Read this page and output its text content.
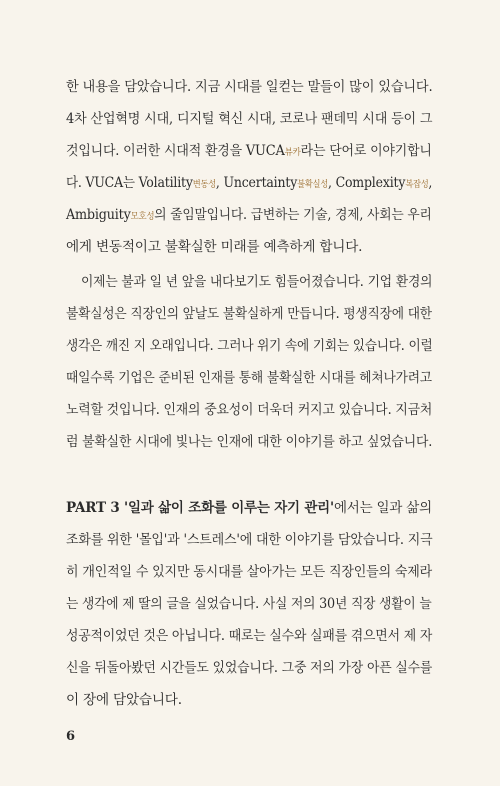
한 내용을 담았습니다. 지금 시대를 일컫는 말들이 많이 있습니다.
4차 산업혁명 시대, 디지털 혁신 시대, 코로나 팬데믹 시대 등이 그
것입니다. 이러한 시대적 환경을 VUCA뷰카라는 단어로 이야기합니
다. VUCA는 Volatility변동성, Uncertainty불확실성, Complexity복잡성,
Ambiguity모호성의 줄임말입니다. 급변하는 기술, 경제, 사회는 우리
에게 변동적이고 불확실한 미래를 예측하게 합니다.
이제는 불과 일 년 앞을 내다보기도 힘들어졌습니다. 기업 환경의
불확실성은 직장인의 앞날도 불확실하게 만듭니다. 평생직장에 대한
생각은 깨진 지 오래입니다. 그러나 위기 속에 기회는 있습니다. 이럴
때일수록 기업은 준비된 인재를 통해 불확실한 시대를 헤쳐나가려고
노력할 것입니다. 인재의 중요성이 더욱더 커지고 있습니다. 지금처
럼 불확실한 시대에 빛나는 인재에 대한 이야기를 하고 싶었습니다.
PART 3 '일과 삶이 조화를 이루는 자기 관리'에서는 일과 삶의
조화를 위한 '몰입'과 '스트레스'에 대한 이야기를 담았습니다. 지극
히 개인적일 수 있지만 동시대를 살아가는 모든 직장인들의 숙제라
는 생각에 제 딸의 글을 실었습니다. 사실 저의 30년 직장 생활이 늘
성공적이었던 것은 아닙니다. 때로는 실수와 실패를 겪으면서 제 자
신을 뒤돌아봤던 시간들도 있었습니다. 그중 저의 가장 아픈 실수를
이 장에 담았습니다.
6
